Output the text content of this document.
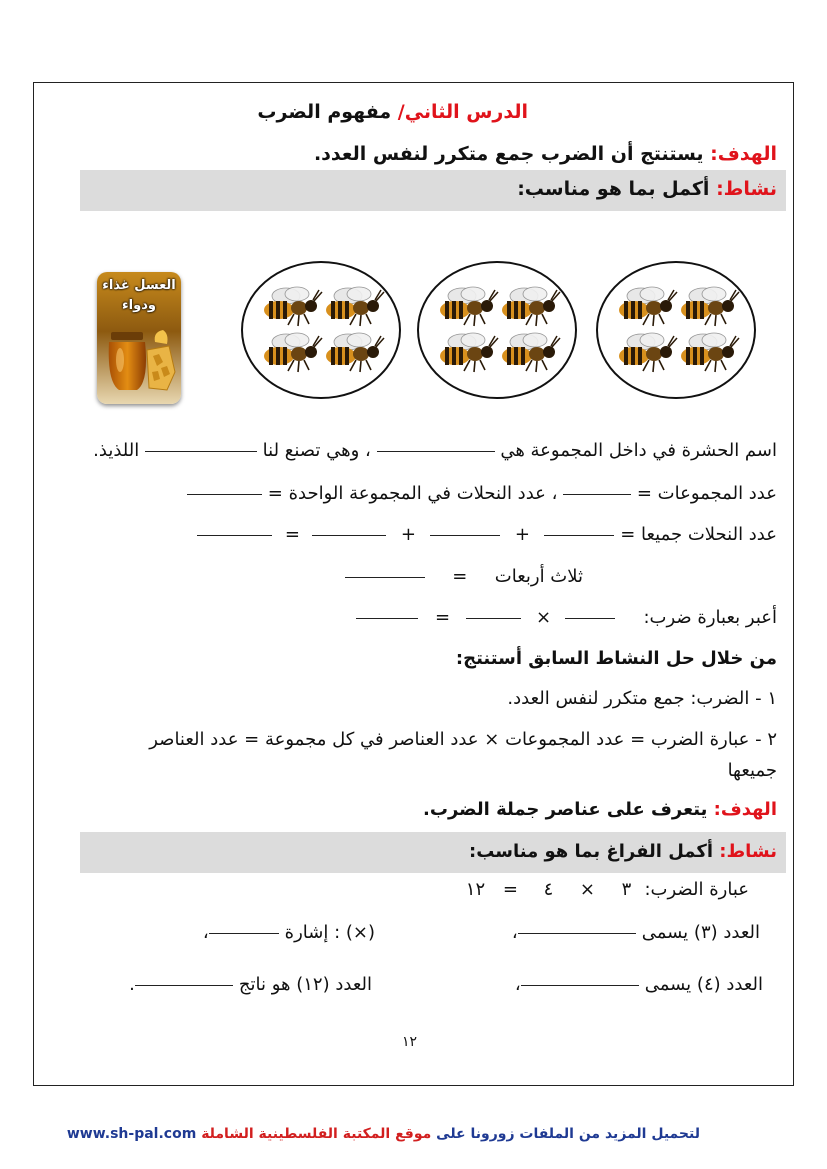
الدرس الثاني/ مفهوم الضرب
الهدف: يستنتج أن الضرب جمع متكرر لنفس العدد.
نشاط: أكمل بما هو مناسب:
العسل غذاء
ودواء
اسم الحشرة في داخل المجموعة هي  ، وهي تصنع لنا  اللذيذ.
عدد المجموعات =  ، عدد النحلات في المجموعة الواحدة =
عدد النحلات جميعا = ++=
ثلاث أربعات=
أعبر بعبارة ضرب:×=
من خلال حل النشاط السابق أستنتج:
١ - الضرب: جمع متكرر لنفس العدد.
٢ - عبارة الضرب = عدد المجموعات × عدد العناصر في كل مجموعة = عدد العناصر
جميعها
الهدف: يتعرف على عناصر جملة الضرب.
نشاط: أكمل الفراغ بما هو مناسب:
عبارة الضرب:٣×٤=١٢
العدد (٣) يسمى،
(×) : إشارة،
العدد (٤) يسمى،
العدد (١٢) هو ناتج.
١٢
لتحميل المزيد من الملفات زورونا على موقع المكتبة الفلسطينية الشاملة www.sh-pal.com
